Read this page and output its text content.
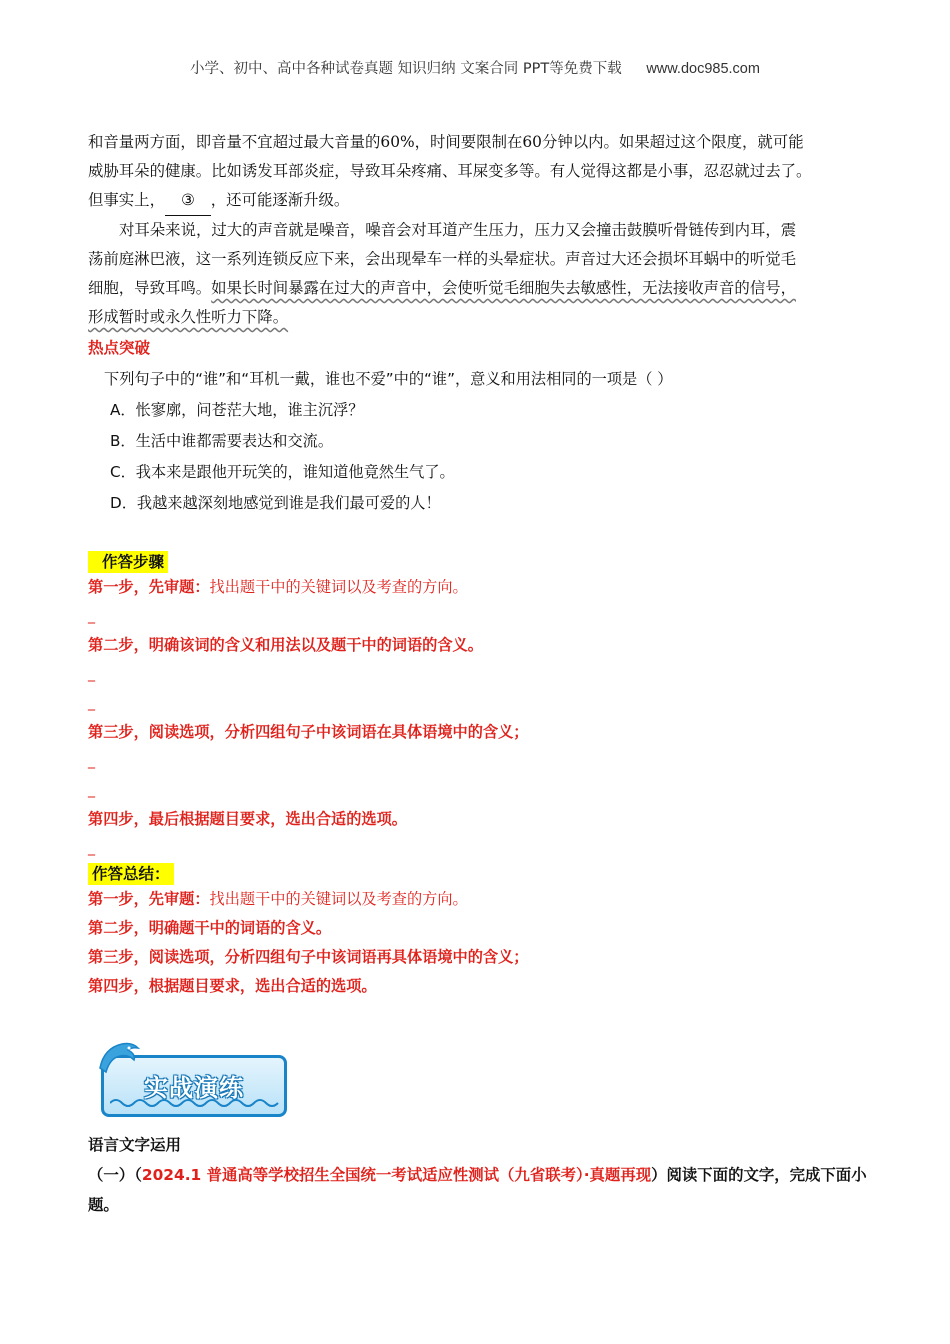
小学、初中、高中各种试卷真题 知识归纳 文案合同 PPT等免费下载 www.doc985.com

和音量两方面，即音量不宜超过最大音量的60%，时间要限制在60分钟以内。如果超过这个限度，就可能

威胁耳朵的健康。比如诱发耳部炎症，导致耳朵疼痛、耳屎变多等。有人觉得这都是小事，忍忍就过去了。

但事实上， ③ ，还可能逐渐升级。

对耳朵来说，过大的声音就是噪音，噪音会对耳道产生压力，压力又会撞击鼓膜听骨链传到内耳，震

荡前庭淋巴液，这一系列连锁反应下来，会出现晕车一样的头晕症状。声音过大还会损坏耳蜗中的听觉毛

细胞，导致耳鸣。如果长时间暴露在过大的声音中，会使听觉毛细胞失去敏感性，无法接收声音的信号，

形成暂时或永久性听力下降。

热点突破

下列句子中的“谁”和“耳机一戴，谁也不爱”中的“谁”，意义和用法相同的一项是（ ）

A．怅寥廓，问苍茫大地，谁主沉浮？

B．生活中谁都需要表达和交流。

C．我本来是跟他开玩笑的，谁知道他竟然生气了。

D．我越来越深刻地感觉到谁是我们最可爱的人！

作答步骤

第一步，先审题：找出题干中的关键词以及考查的方向。

_

第二步，明确该词的含义和用法以及题干中的词语的含义。

_

_

第三步，阅读选项，分析四组句子中该词语在具体语境中的含义；

_

_

第四步，最后根据题目要求，选出合适的选项。

_

作答总结：

第一步，先审题：找出题干中的关键词以及考查的方向。

第二步，明确题干中的词语的含义。

第三步，阅读选项，分析四组句子中该词语再具体语境中的含义；

第四步，根据题目要求，选出合适的选项。

实战演练
语言文字运用

（一）（2024.1 普通高等学校招生全国统一考试适应性测试（九省联考）·真题再现）阅读下面的文字，完成下面小题。
